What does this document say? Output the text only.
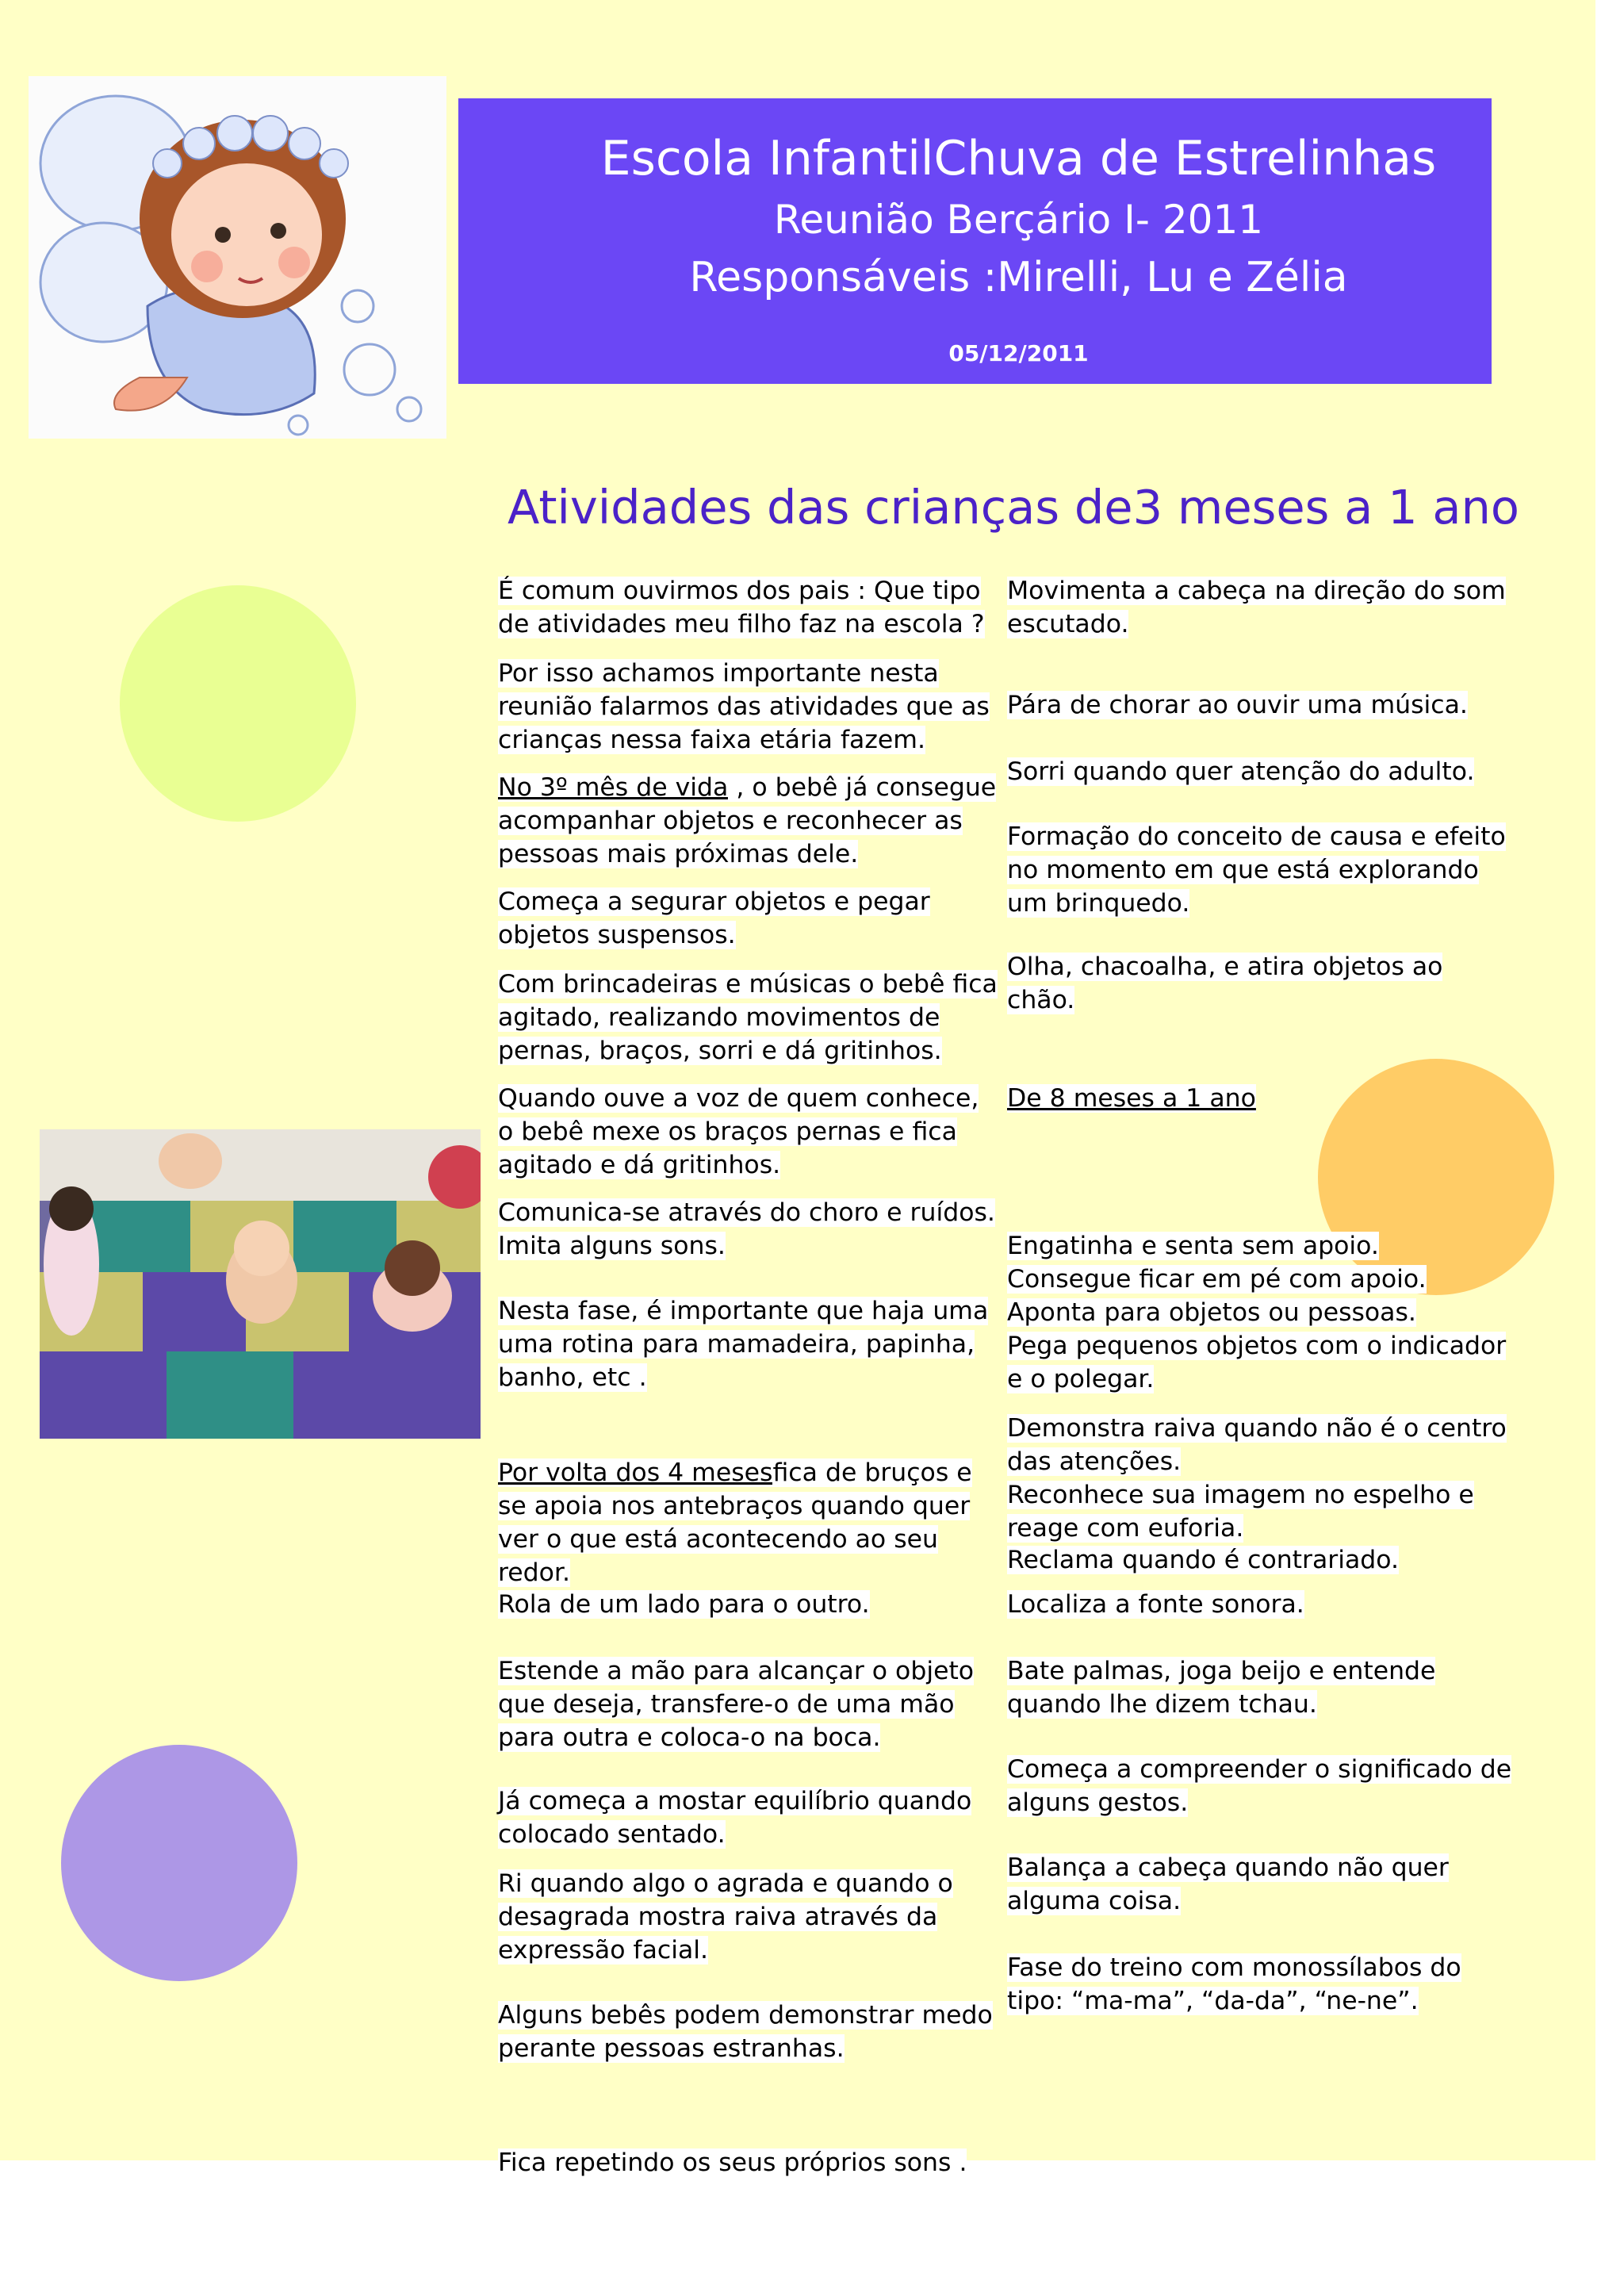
Escola InfantilChuva de Estrelinhas
Reunião Berçário I- 2011
Responsáveis :Mirelli, Lu e Zélia
05/12/2011
Atividades das crianças de3 meses a 1 ano

É comum ouvirmos dos pais : Que tipo de atividades meu filho faz na escola ?

Por isso achamos importante nesta reunião falarmos das atividades que as crianças nessa faixa etária fazem.

No 3º mês de vida , o bebê já consegue acompanhar objetos e reconhecer as pessoas mais próximas dele.

Começa a segurar objetos e pegar objetos suspensos.

Com brincadeiras e músicas o bebê fica agitado, realizando movimentos de pernas, braços, sorri e dá gritinhos.

Quando ouve a voz de quem conhece, o bebê mexe os braços pernas e fica agitado e dá gritinhos.

Comunica-se através do choro e ruídos. Imita alguns sons.

Nesta fase, é importante que haja uma uma rotina para mamadeira, papinha, banho, etc .

Por volta dos 4 mesesfica de bruços e se apoia nos antebraços quando quer ver o que está acontecendo ao seu redor.

Rola de um lado para o outro.

Estende a mão para alcançar o objeto que deseja, transfere-o de uma mão para outra e coloca-o na boca.

Já começa a mostar equilíbrio quando colocado sentado.

Ri quando algo o agrada e quando o desagrada mostra raiva através da expressão facial.

Alguns bebês podem demonstrar medo perante pessoas estranhas.

Fica repetindo os seus próprios sons .

Movimenta a cabeça na direção do som escutado.

Pára de chorar ao ouvir uma música.

Sorri quando quer atenção do adulto.

Formação do conceito de causa e efeito no momento em que está explorando um brinquedo.

Olha, chacoalha, e atira objetos ao chão.

De 8 meses a 1 ano

Engatinha e senta sem apoio.

Consegue ficar em pé com apoio.

Aponta para objetos ou pessoas.

Pega pequenos objetos com o indicador e o polegar.

Demonstra raiva quando não é o centro das atenções.

Reconhece sua imagem no espelho e reage com euforia.

Reclama quando é contrariado.

Localiza a fonte sonora.

Bate palmas, joga beijo e entende quando lhe dizem tchau.

Começa a compreender o significado de alguns gestos.

Balança a cabeça quando não quer alguma coisa.

Fase do treino com monossílabos do tipo: “ma-ma”, “da-da”, “ne-ne”.
